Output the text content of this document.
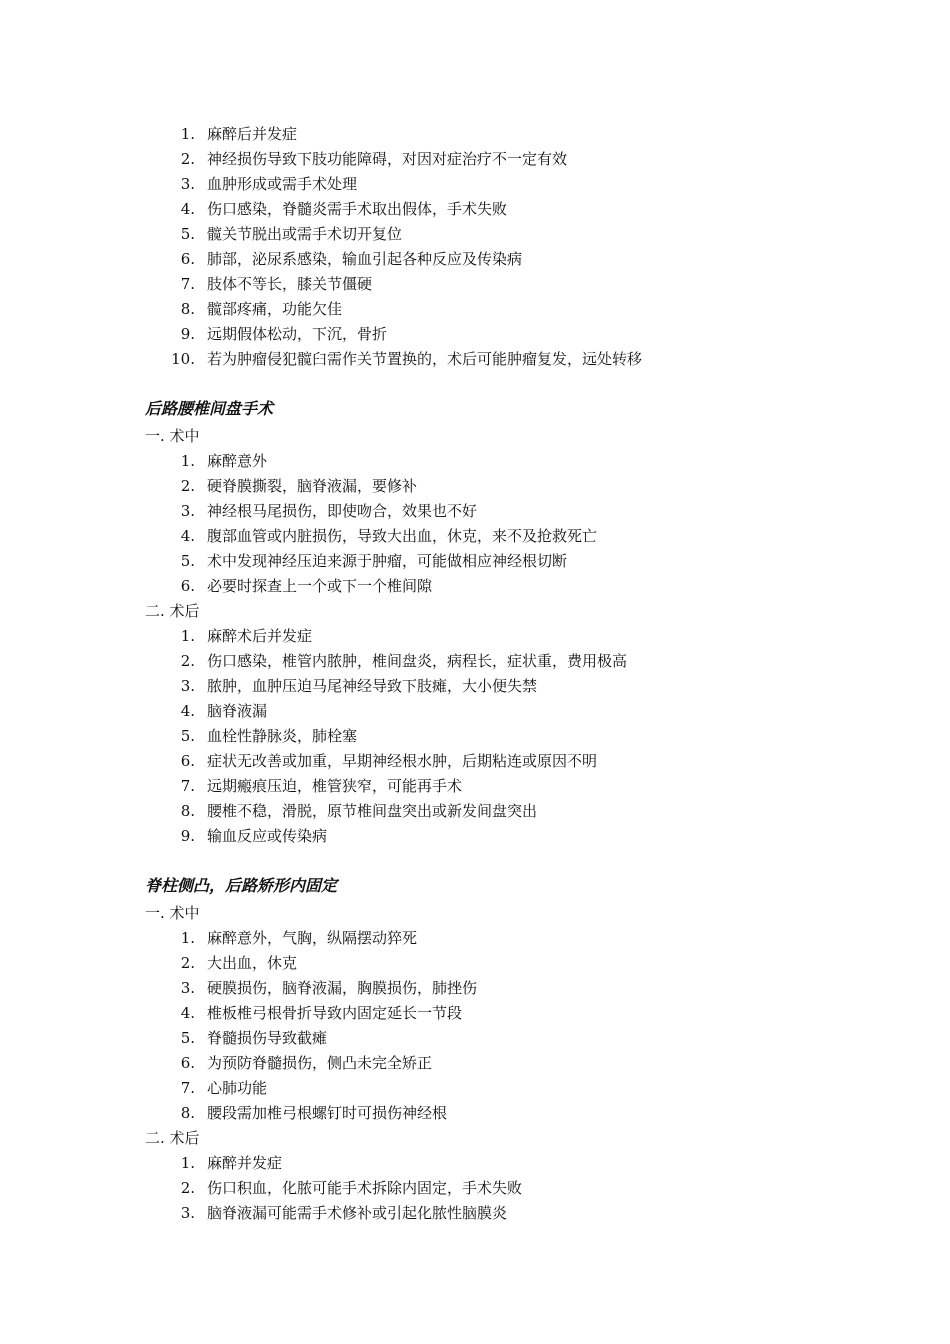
1. 麻醉后并发症
2. 神经损伤导致下肢功能障碍，对因对症治疗不一定有效
3. 血肿形成或需手术处理
4. 伤口感染，脊髓炎需手术取出假体，手术失败
5. 髋关节脱出或需手术切开复位
6. 肺部，泌尿系感染，输血引起各种反应及传染病
7. 肢体不等长，膝关节僵硬
8. 髋部疼痛，功能欠佳
9. 远期假体松动，下沉，骨折
10. 若为肿瘤侵犯髋臼需作关节置换的，术后可能肿瘤复发，远处转移
后路腰椎间盘手术
一. 术中
1. 麻醉意外
2. 硬脊膜撕裂，脑脊液漏，要修补
3. 神经根马尾损伤，即使吻合，效果也不好
4. 腹部血管或内脏损伤，导致大出血，休克，来不及抢救死亡
5. 术中发现神经压迫来源于肿瘤，可能做相应神经根切断
6. 必要时探查上一个或下一个椎间隙
二. 术后
1. 麻醉术后并发症
2. 伤口感染，椎管内脓肿，椎间盘炎，病程长，症状重，费用极高
3. 脓肿，血肿压迫马尾神经导致下肢瘫，大小便失禁
4. 脑脊液漏
5. 血栓性静脉炎，肺栓塞
6. 症状无改善或加重，早期神经根水肿，后期粘连或原因不明
7. 远期瘢痕压迫，椎管狭窄，可能再手术
8. 腰椎不稳，滑脱，原节椎间盘突出或新发间盘突出
9. 输血反应或传染病
脊柱侧凸，后路矫形内固定
一. 术中
1. 麻醉意外，气胸，纵隔摆动猝死
2. 大出血，休克
3. 硬膜损伤，脑脊液漏，胸膜损伤，肺挫伤
4. 椎板椎弓根骨折导致内固定延长一节段
5. 脊髓损伤导致截瘫
6. 为预防脊髓损伤，侧凸未完全矫正
7. 心肺功能
8. 腰段需加椎弓根螺钉时可损伤神经根
二. 术后
1. 麻醉并发症
2. 伤口积血，化脓可能手术拆除内固定，手术失败
3. 脑脊液漏可能需手术修补或引起化脓性脑膜炎
